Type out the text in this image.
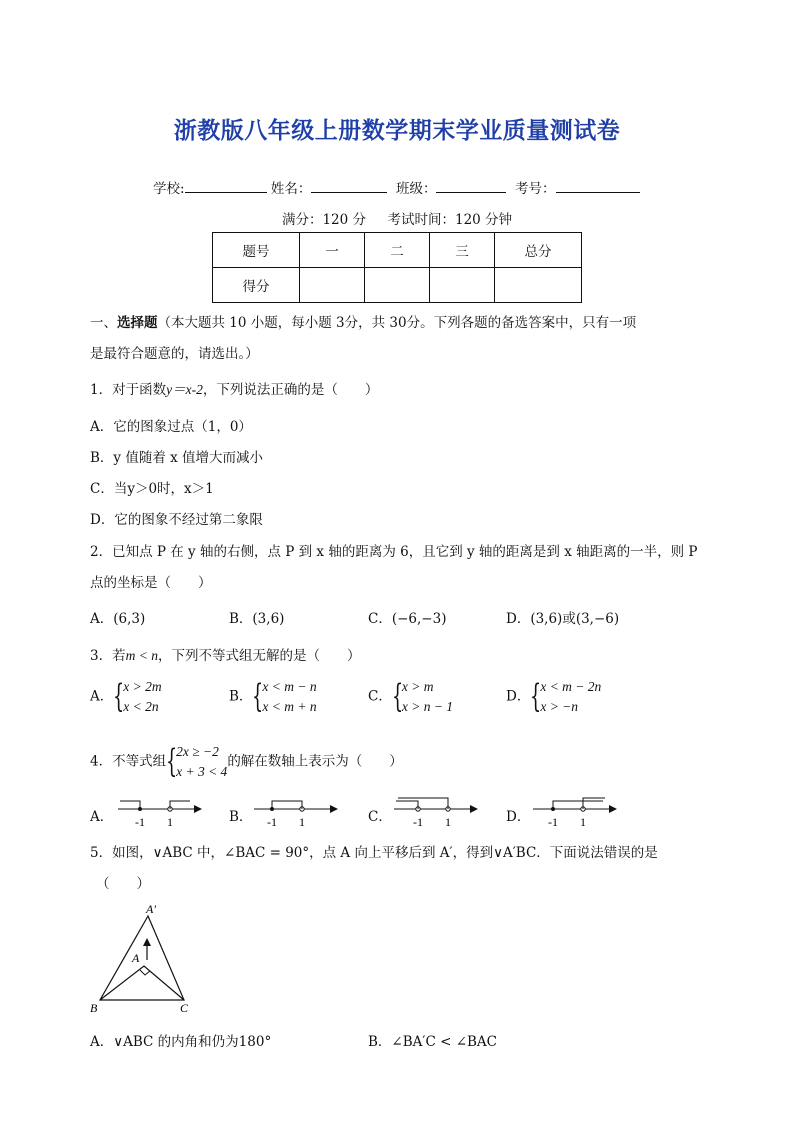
浙教版八年级上册数学期末学业质量测试卷
学校:	姓名：	班级：	考号：
满分：120 分 考试时间：120 分钟
题号	一	二	三	总分
得分				
一、选择题（本大题共 10 小题，每小题 3分，共 30分。下列各题的备选答案中，只有一项
是最符合题意的，请选出。）
1．对于函数y＝x-2，下列说法正确的是（　　）
A．它的图象过点（1，0）
B．y 值随着 x 值增大而减小
C．当y＞0时，x＞1
D．它的图象不经过第二象限
2．已知点 P 在 y 轴的右侧，点 P 到 x 轴的距离为 6，且它到 y 轴的距离是到 x 轴距离的一半，则 P
点的坐标是（　　）
A．(6,3)	B．(3,6)	C．(−6,−3)	D．(3,6)或(3,−6)
3．若m < n，下列不等式组无解的是（　　）
A． {
x > 2m
x < 2n
B． {
x < m − n
x < m + n
C． {
x > m
x > n − 1
D． {
x < m − 2n
x > −n
4．不等式组 {
2x ≥ −2
x + 3 < 4
的解在数轴上表示为（　　）
A． -1 1	B． -1 1	C． -1 1	D． -1 1
5．如图，∨ABC 中，∠BAC = 90°，点 A 向上平移后到 A′，得到∨A′BC．下面说法错误的是
（　　）
A′
A
B	C
A．∨ABC 的内角和仍为180°	B．∠BA′C < ∠BAC
